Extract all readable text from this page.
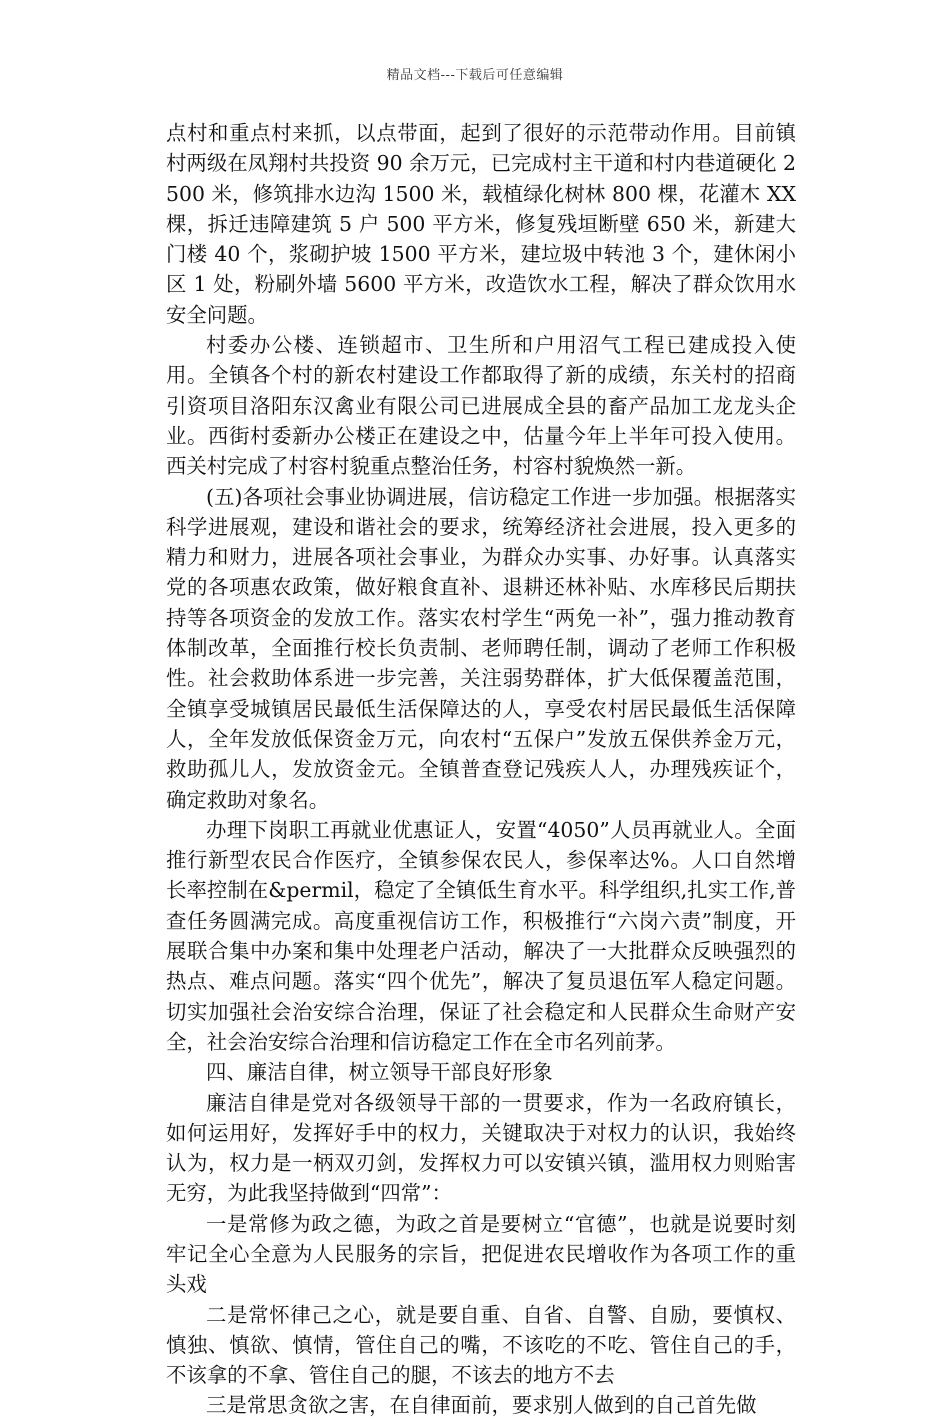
精品文档---下载后可任意编辑

点村和重点村来抓，以点带面，起到了很好的示范带动作用。目前镇村两级在凤翔村共投资 90 余万元，已完成村主干道和村内巷道硬化 2500 米，修筑排水边沟 1500 米，载植绿化树林 800 棵，花灌木 XX 棵，拆迁违障建筑 5 户 500 平方米，修复残垣断壁 650 米，新建大门楼 40 个，浆砌护坡 1500 平方米，建垃圾中转池 3 个，建休闲小区 1 处，粉刷外墙 5600 平方米，改造饮水工程，解决了群众饮用水安全问题。

村委办公楼、连锁超市、卫生所和户用沼气工程已建成投入使用。全镇各个村的新农村建设工作都取得了新的成绩，东关村的招商引资项目洛阳东汉禽业有限公司已进展成全县的畜产品加工龙龙头企业。西街村委新办公楼正在建设之中，估量今年上半年可投入使用。西关村完成了村容村貌重点整治任务，村容村貌焕然一新。

(五)各项社会事业协调进展，信访稳定工作进一步加强。根据落实科学进展观，建设和谐社会的要求，统筹经济社会进展，投入更多的精力和财力，进展各项社会事业，为群众办实事、办好事。认真落实党的各项惠农政策，做好粮食直补、退耕还林补贴、水库移民后期扶持等各项资金的发放工作。落实农村学生“两免一补”，强力推动教育体制改革，全面推行校长负责制、老师聘任制，调动了老师工作积极性。社会救助体系进一步完善，关注弱势群体，扩大低保覆盖范围，全镇享受城镇居民最低生活保障达的人，享受农村居民最低生活保障人，全年发放低保资金万元，向农村“五保户”发放五保供养金万元，救助孤儿人，发放资金元。全镇普查登记残疾人人，办理残疾证个，确定救助对象名。

办理下岗职工再就业优惠证人，安置“4050”人员再就业人。全面推行新型农民合作医疗，全镇参保农民人，参保率达%。人口自然增长率控制在&permil，稳定了全镇低生育水平。科学组织,扎实工作,普查任务圆满完成。高度重视信访工作，积极推行“六岗六责”制度，开展联合集中办案和集中处理老户活动，解决了一大批群众反映强烈的热点、难点问题。落实“四个优先”，解决了复员退伍军人稳定问题。切实加强社会治安综合治理，保证了社会稳定和人民群众生命财产安全，社会治安综合治理和信访稳定工作在全市名列前茅。

四、廉洁自律，树立领导干部良好形象

廉洁自律是党对各级领导干部的一贯要求，作为一名政府镇长，如何运用好，发挥好手中的权力，关键取决于对权力的认识，我始终认为，权力是一柄双刃剑，发挥权力可以安镇兴镇，滥用权力则贻害无穷，为此我坚持做到“四常”：

一是常修为政之德，为政之首是要树立“官德”，也就是说要时刻牢记全心全意为人民服务的宗旨，把促进农民增收作为各项工作的重头戏

二是常怀律己之心，就是要自重、自省、自警、自励，要慎权、慎独、慎欲、慎情，管住自己的嘴，不该吃的不吃、管住自己的手，不该拿的不拿、管住自己的腿，不该去的地方不去

三是常思贪欲之害，在自律面前，要求别人做到的自己首先做
